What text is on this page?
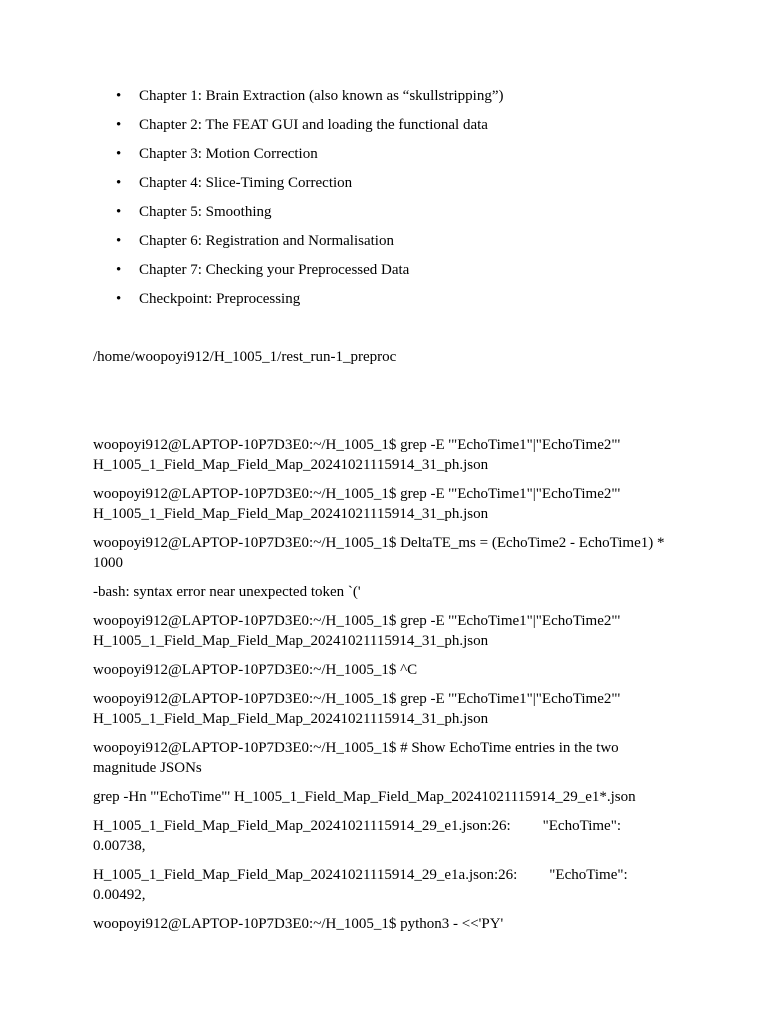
• Chapter 1: Brain Extraction (also known as “skullstripping”)
• Chapter 2: The FEAT GUI and loading the functional data
• Chapter 3: Motion Correction
• Chapter 4: Slice-Timing Correction
• Chapter 5: Smoothing
• Chapter 6: Registration and Normalisation
• Chapter 7: Checking your Preprocessed Data
• Checkpoint: Preprocessing

/home/woopoyi912/H_1005_1/rest_run-1_preproc

woopoyi912@LAPTOP-10P7D3E0:~/H_1005_1$ grep -E '"EchoTime1"|"EchoTime2"' H_1005_1_Field_Map_Field_Map_20241021115914_31_ph.json

woopoyi912@LAPTOP-10P7D3E0:~/H_1005_1$ grep -E '"EchoTime1"|"EchoTime2"' H_1005_1_Field_Map_Field_Map_20241021115914_31_ph.json

woopoyi912@LAPTOP-10P7D3E0:~/H_1005_1$ DeltaTE_ms = (EchoTime2 - EchoTime1) * 1000

-bash: syntax error near unexpected token `('

woopoyi912@LAPTOP-10P7D3E0:~/H_1005_1$ grep -E '"EchoTime1"|"EchoTime2"' H_1005_1_Field_Map_Field_Map_20241021115914_31_ph.json

woopoyi912@LAPTOP-10P7D3E0:~/H_1005_1$ ^C

woopoyi912@LAPTOP-10P7D3E0:~/H_1005_1$ grep -E '"EchoTime1"|"EchoTime2"' H_1005_1_Field_Map_Field_Map_20241021115914_31_ph.json

woopoyi912@LAPTOP-10P7D3E0:~/H_1005_1$ # Show EchoTime entries in the two magnitude JSONs

grep -Hn '"EchoTime"' H_1005_1_Field_Map_Field_Map_20241021115914_29_e1*.json

H_1005_1_Field_Map_Field_Map_20241021115914_29_e1.json:26: "EchoTime": 0.00738,

H_1005_1_Field_Map_Field_Map_20241021115914_29_e1a.json:26: "EchoTime": 0.00492,

woopoyi912@LAPTOP-10P7D3E0:~/H_1005_1$ python3 - <<'PY'
